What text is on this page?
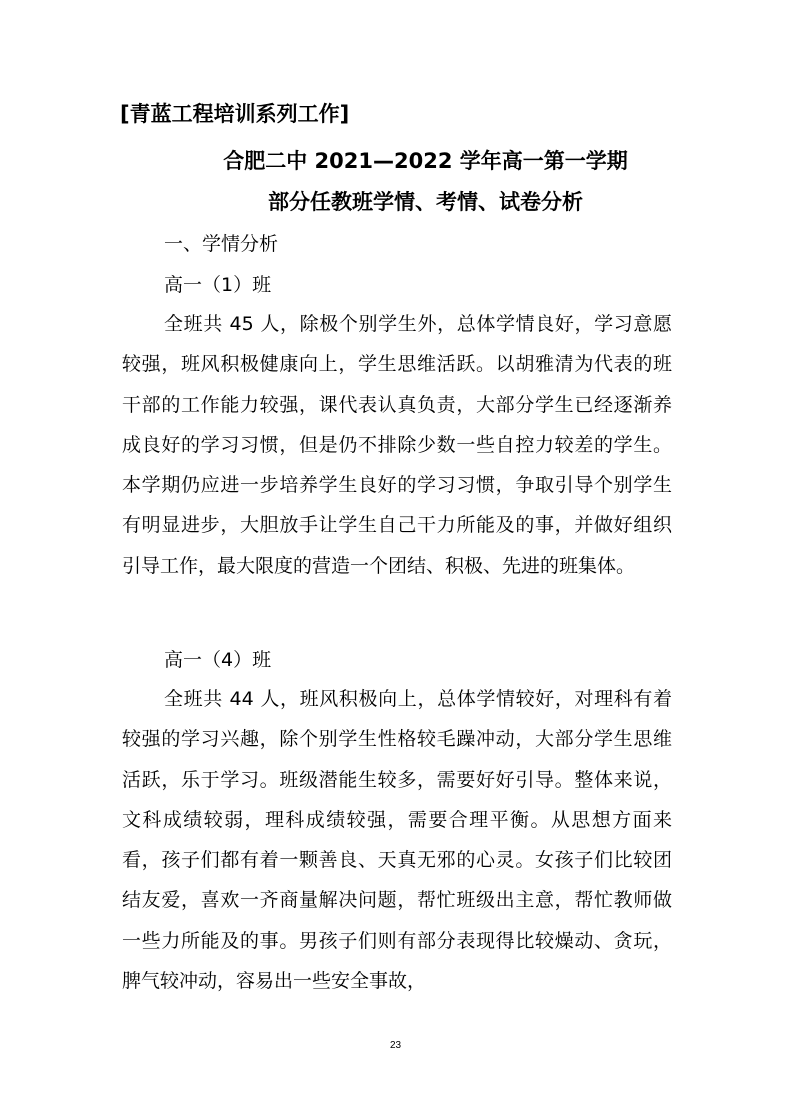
[青蓝工程培训系列工作]
合肥二中 2021—2022 学年高一第一学期
部分任教班学情、考情、试卷分析
一、学情分析
高一（1）班

全班共 45 人，除极个别学生外，总体学情良好，学习意愿较强，班风积极健康向上，学生思维活跃。以胡雅清为代表的班干部的工作能力较强，课代表认真负责，大部分学生已经逐渐养成良好的学习习惯，但是仍不排除少数一些自控力较差的学生。本学期仍应进一步培养学生良好的学习习惯，争取引导个别学生有明显进步，大胆放手让学生自己干力所能及的事，并做好组织引导工作，最大限度的营造一个团结、积极、先进的班集体。

高一（4）班

全班共 44 人，班风积极向上，总体学情较好，对理科有着较强的学习兴趣，除个别学生性格较毛躁冲动，大部分学生思维活跃，乐于学习。班级潜能生较多，需要好好引导。整体来说，文科成绩较弱，理科成绩较强，需要合理平衡。从思想方面来看，孩子们都有着一颗善良、天真无邪的心灵。女孩子们比较团结友爱，喜欢一齐商量解决问题，帮忙班级出主意，帮忙教师做一些力所能及的事。男孩子们则有部分表现得比较燥动、贪玩，脾气较冲动，容易出一些安全事故，

23
